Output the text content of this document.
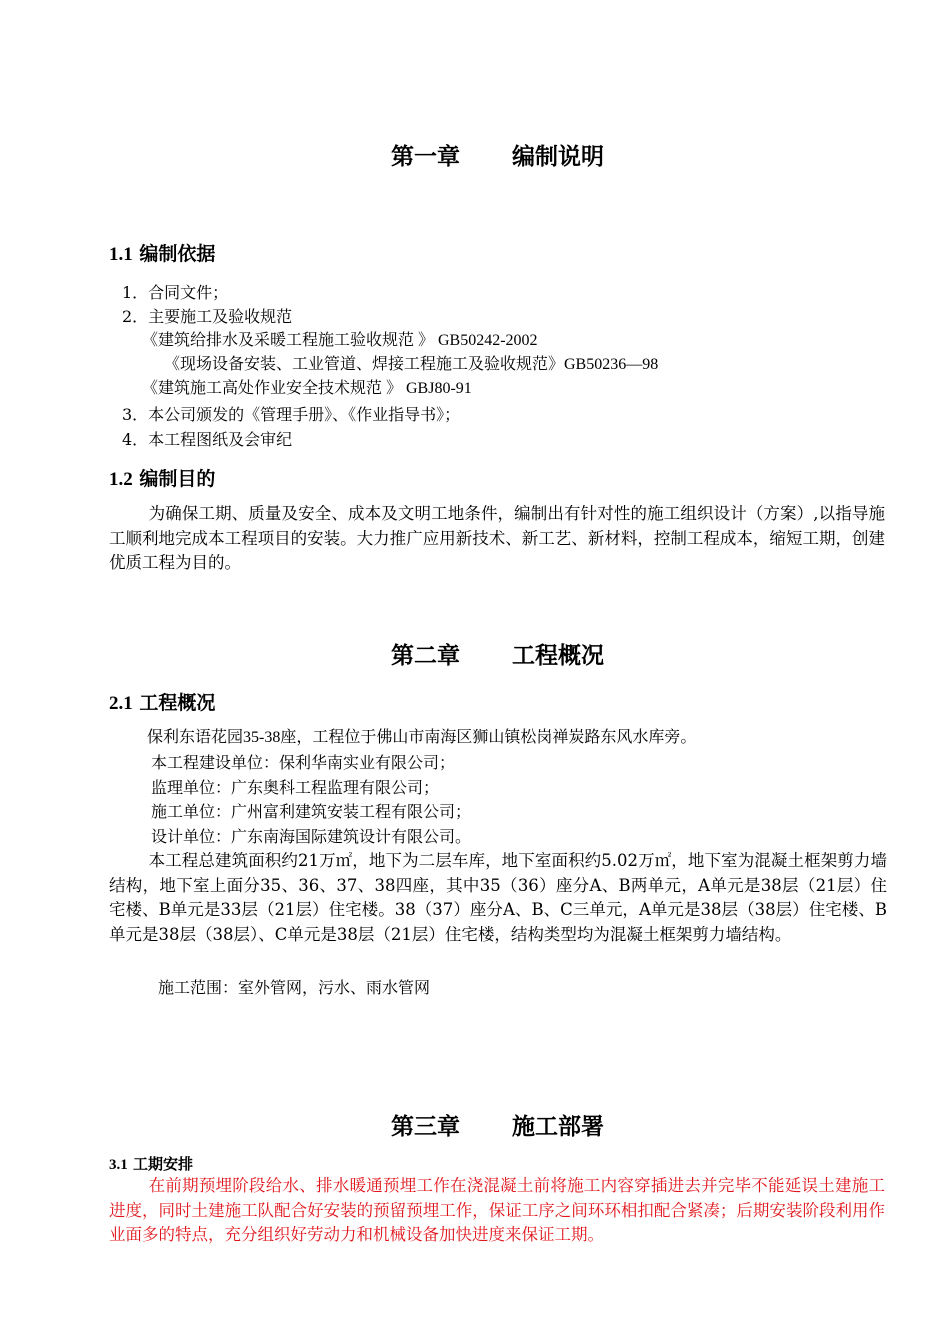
第一章 编制说明
1.1 编制依据
1．合同文件；
2．主要施工及验收规范
《建筑给排水及采暖工程施工验收规范 》 GB50242-2002
《现场设备安装、工业管道、焊接工程施工及验收规范》GB50236—98
《建筑施工高处作业安全技术规范 》 GBJ80-91
3．本公司颁发的《管理手册》、《作业指导书》；
4．本工程图纸及会审纪
1.2 编制目的
为确保工期、质量及安全、成本及文明工地条件，编制出有针对性的施工组织设计（方案）,以指导施工顺利地完成本工程项目的安装。大力推广应用新技术、新工艺、新材料，控制工程成本，缩短工期，创建优质工程为目的。
第二章 工程概况
2.1 工程概况
保利东语花园35-38座，工程位于佛山市南海区狮山镇松岗禅炭路东风水库旁。
本工程建设单位：保利华南实业有限公司；
监理单位：广东奥科工程监理有限公司；
施工单位：广州富利建筑安装工程有限公司；
设计单位：广东南海国际建筑设计有限公司。
本工程总建筑面积约21万㎡，地下为二层车库，地下室面积约5.02万㎡，地下室为混凝土框架剪力墙结构，地下室上面分35、36、37、38四座，其中35（36）座分A、B两单元，A单元是38层（21层）住宅楼、B单元是33层（21层）住宅楼。38（37）座分A、B、C三单元，A单元是38层（38层）住宅楼、B单元是38层（38层）、C单元是38层（21层）住宅楼，结构类型均为混凝土框架剪力墙结构。
施工范围：室外管网，污水、雨水管网
第三章 施工部署
3.1 工期安排
在前期预埋阶段给水、排水暖通预埋工作在浇混凝土前将施工内容穿插进去并完毕不能延误土建施工进度，同时土建施工队配合好安装的预留预埋工作，保证工序之间环环相扣配合紧凑；后期安装阶段利用作业面多的特点，充分组织好劳动力和机械设备加快进度来保证工期。
